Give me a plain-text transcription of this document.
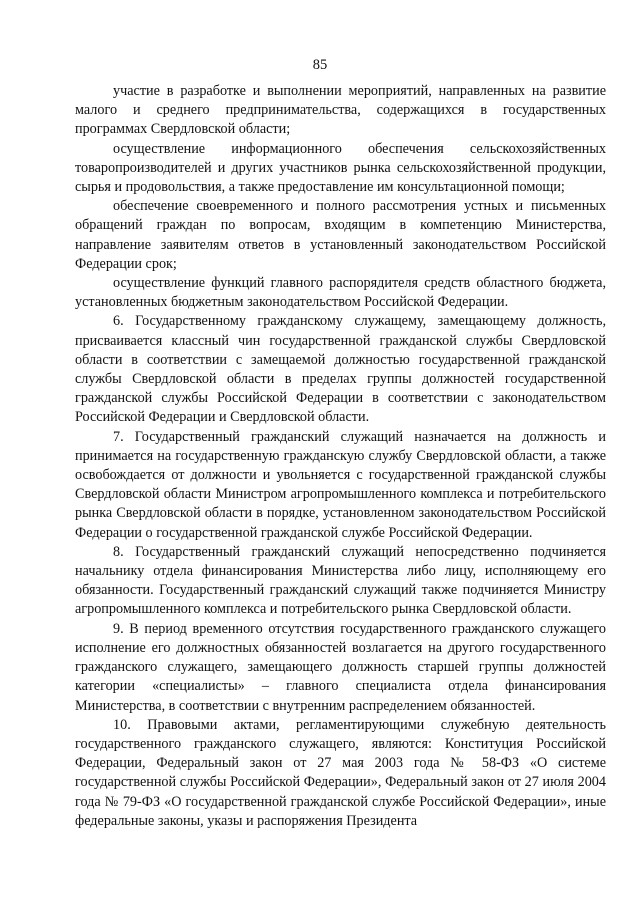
85

участие в разработке и выполнении мероприятий, направленных на развитие малого и среднего предпринимательства, содержащихся в государственных программах Свердловской области;

осуществление информационного обеспечения сельскохозяйственных товаропроизводителей и других участников рынка сельскохозяйственной продукции, сырья и продовольствия, а также предоставление им консультационной помощи;

обеспечение своевременного и полного рассмотрения устных и письменных обращений граждан по вопросам, входящим в компетенцию Министерства, направление заявителям ответов в установленный законодательством Российской Федерации срок;

осуществление функций главного распорядителя средств областного бюджета, установленных бюджетным законодательством Российской Федерации.

6. Государственному гражданскому служащему, замещающему должность, присваивается классный чин государственной гражданской службы Свердловской области в соответствии с замещаемой должностью государственной гражданской службы Свердловской области в пределах группы должностей государственной гражданской службы Российской Федерации в соответствии с законодательством Российской Федерации и Свердловской области.

7. Государственный гражданский служащий назначается на должность и принимается на государственную гражданскую службу Свердловской области, а также освобождается от должности и увольняется с государственной гражданской службы Свердловской области Министром агропромышленного комплекса и потребительского рынка Свердловской области в порядке, установленном законодательством Российской Федерации о государственной гражданской службе Российской Федерации.

8. Государственный гражданский служащий непосредственно подчиняется начальнику отдела финансирования Министерства либо лицу, исполняющему его обязанности. Государственный гражданский служащий также подчиняется Министру агропромышленного комплекса и потребительского рынка Свердловской области.

9. В период временного отсутствия государственного гражданского служащего исполнение его должностных обязанностей возлагается на другого государственного гражданского служащего, замещающего должность старшей группы должностей категории «специалисты» – главного специалиста отдела финансирования Министерства, в соответствии с внутренним распределением обязанностей.

10. Правовыми актами, регламентирующими служебную деятельность государственного гражданского служащего, являются: Конституция Российской Федерации, Федеральный закон от 27 мая 2003 года № 58-ФЗ «О системе государственной службы Российской Федерации», Федеральный закон от 27 июля 2004 года № 79-ФЗ «О государственной гражданской службе Российской Федерации», иные федеральные законы, указы и распоряжения Президента
